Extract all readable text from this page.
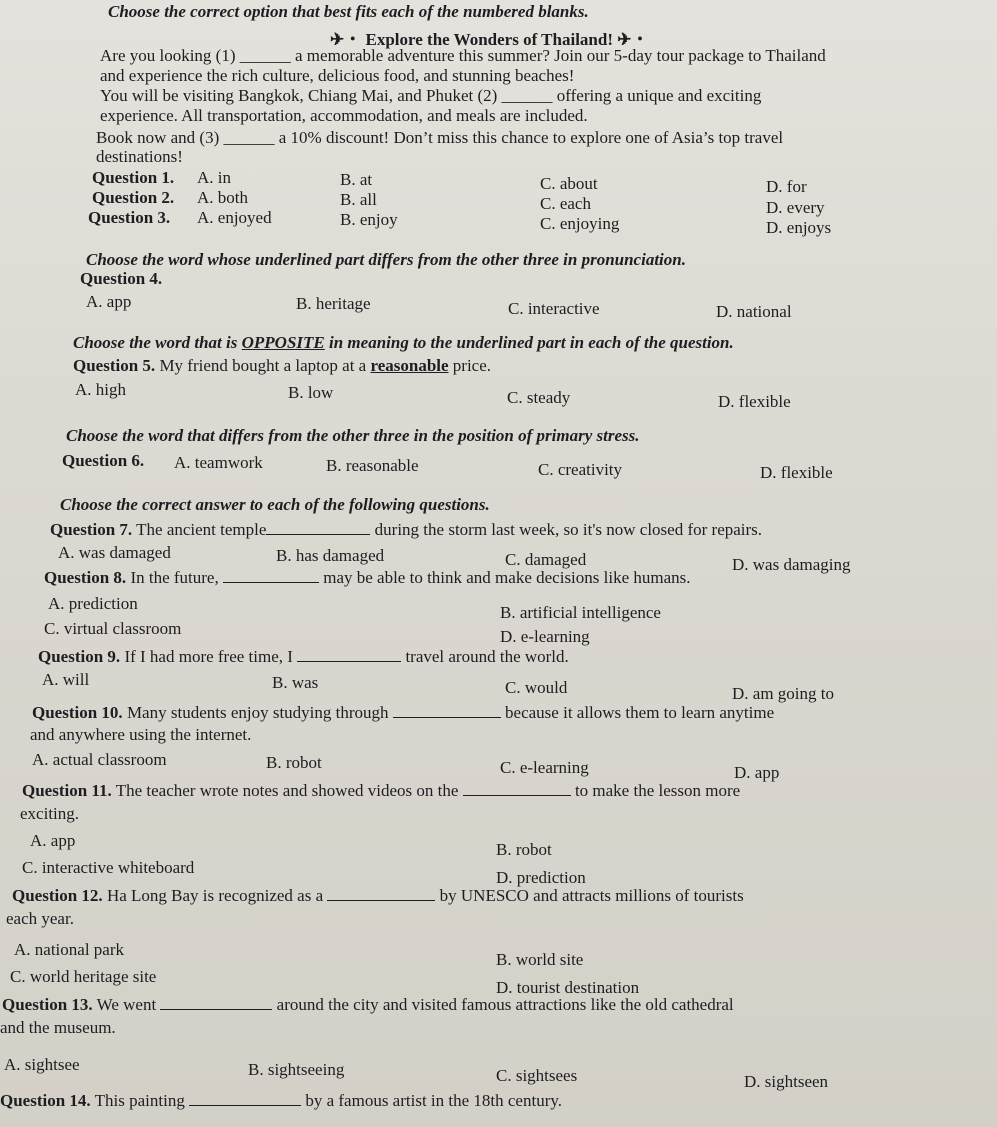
Choose the correct option that best fits each of the numbered blanks.
✈・ Explore the Wonders of Thailand! ✈・
Are you looking (1) ______ a memorable adventure this summer? Join our 5-day tour package to Thailand
and experience the rich culture, delicious food, and stunning beaches!
You will be visiting Bangkok, Chiang Mai, and Phuket (2) ______ offering a unique and exciting
experience. All transportation, accommodation, and meals are included.
Book now and (3) ______ a 10% discount! Don’t miss this chance to explore one of Asia’s top travel
destinations!
Question 1. A. in	B. at	C. about	D. for
Question 2. A. both	B. all	C. each	D. every
Question 3. A. enjoyed	B. enjoy	C. enjoying	D. enjoys
Choose the word whose underlined part differs from the other three in pronunciation.
Question 4.
A. app	B. heritage	C. interactive	D. national
Choose the word that is OPPOSITE in meaning to the underlined part in each of the question.
Question 5. My friend bought a laptop at a reasonable price.
A. high	B. low	C. steady	D. flexible
Choose the word that differs from the other three in the position of primary stress.
Question 6. A. teamwork	B. reasonable	C. creativity	D. flexible
Choose the correct answer to each of the following questions.
Question 7. The ancient temple	during the storm last week, so it's now closed for repairs.
A. was damaged	B. has damaged	C. damaged	D. was damaging
Question 8. In the future,	may be able to think and make decisions like humans.
A. prediction	B. artificial intelligence
C. virtual classroom	D. e-learning
Question 9. If I had more free time, I	travel around the world.
A. will	B. was	C. would	D. am going to
Question 10. Many students enjoy studying through	because it allows them to learn anytime
and anywhere using the internet.
A. actual classroom	B. robot	C. e-learning	D. app
Question 11. The teacher wrote notes and showed videos on the	to make the lesson more
exciting.
A. app	B. robot
C. interactive whiteboard
D. prediction
Question 12. Ha Long Bay is recognized as a	by UNESCO and attracts millions of tourists
each year.
A. national park
B. world site
C. world heritage site
D. tourist destination
Question 13. We went	around the city and visited famous attractions like the old cathedral
and the museum.
A. sightsee	B. sightseeing	C. sightsees	D. sightseen
Question 14. This painting	by a famous artist in the 18th century.
